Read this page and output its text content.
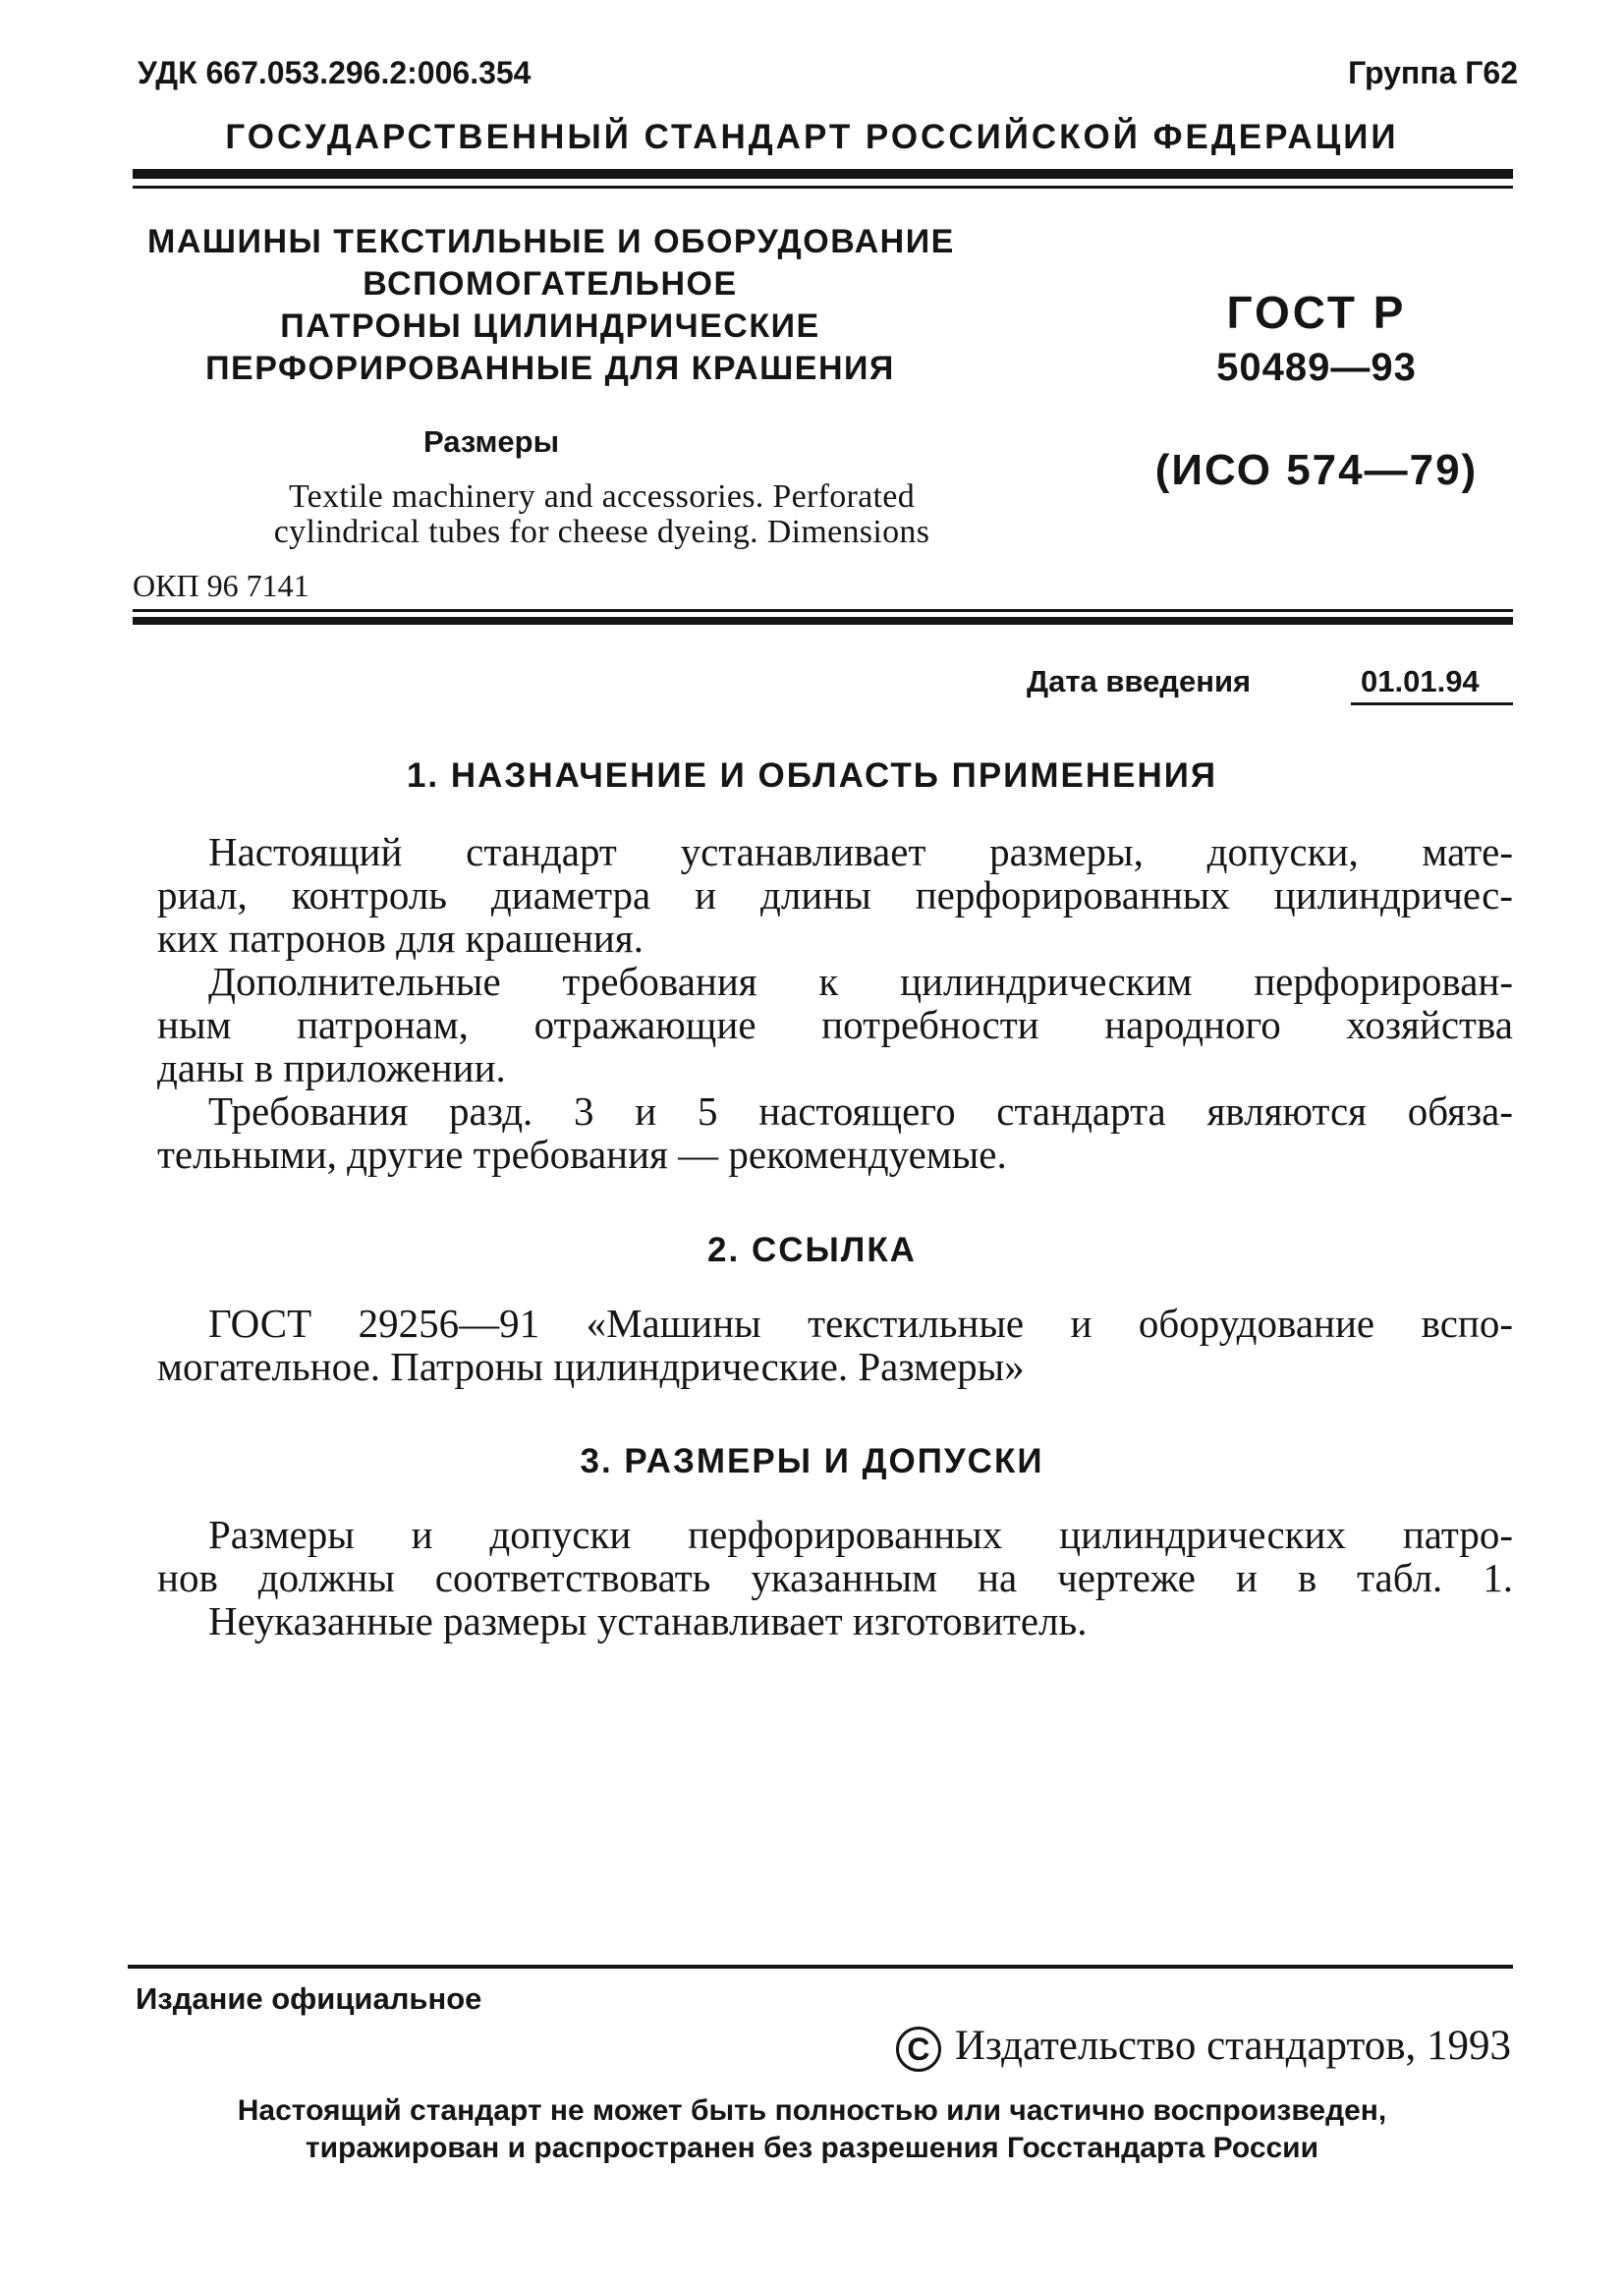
УДК 667.053.296.2:006.354	Группа Г62
ГОСУДАРСТВЕННЫЙ СТАНДАРТ РОССИЙСКОЙ ФЕДЕРАЦИИ
МАШИНЫ ТЕКСТИЛЬНЫЕ И ОБОРУДОВАНИЕ
ВСПОМОГАТЕЛЬНОЕ
ПАТРОНЫ ЦИЛИНДРИЧЕСКИЕ
ПЕРФОРИРОВАННЫЕ ДЛЯ КРАШЕНИЯ
Размеры
Textile machinery and accessories. Perforated
cylindrical tubes for cheese dyeing. Dimensions
ОКП 96 7141
ГОСТ Р
50489—93
(ИСО 574—79)
Дата введения	01.01.94
1. НАЗНАЧЕНИЕ И ОБЛАСТЬ ПРИМЕНЕНИЯ
Настоящий стандарт устанавливает размеры, допуски, мате-
риал, контроль диаметра и длины перфорированных цилиндричес-
ких патронов для крашения.
Дополнительные требования к цилиндрическим перфорирован-
ным патронам, отражающие потребности народного хозяйства
даны в приложении.
Требования разд. 3 и 5 настоящего стандарта являются обяза-
тельными, другие требования — рекомендуемые.
2. ССЫЛКА
ГОСТ 29256—91 «Машины текстильные и оборудование вспо-
могательное. Патроны цилиндрические. Размеры»
3. РАЗМЕРЫ И ДОПУСКИ
Размеры и допуски перфорированных цилиндрических патро-
нов должны соответствовать указанным на чертеже и в табл. 1.
Неуказанные размеры устанавливает изготовитель.
Издание официальное
C Издательство стандартов, 1993
Настоящий стандарт не может быть полностью или частично воспроизведен,
тиражирован и распространен без разрешения Госстандарта России
